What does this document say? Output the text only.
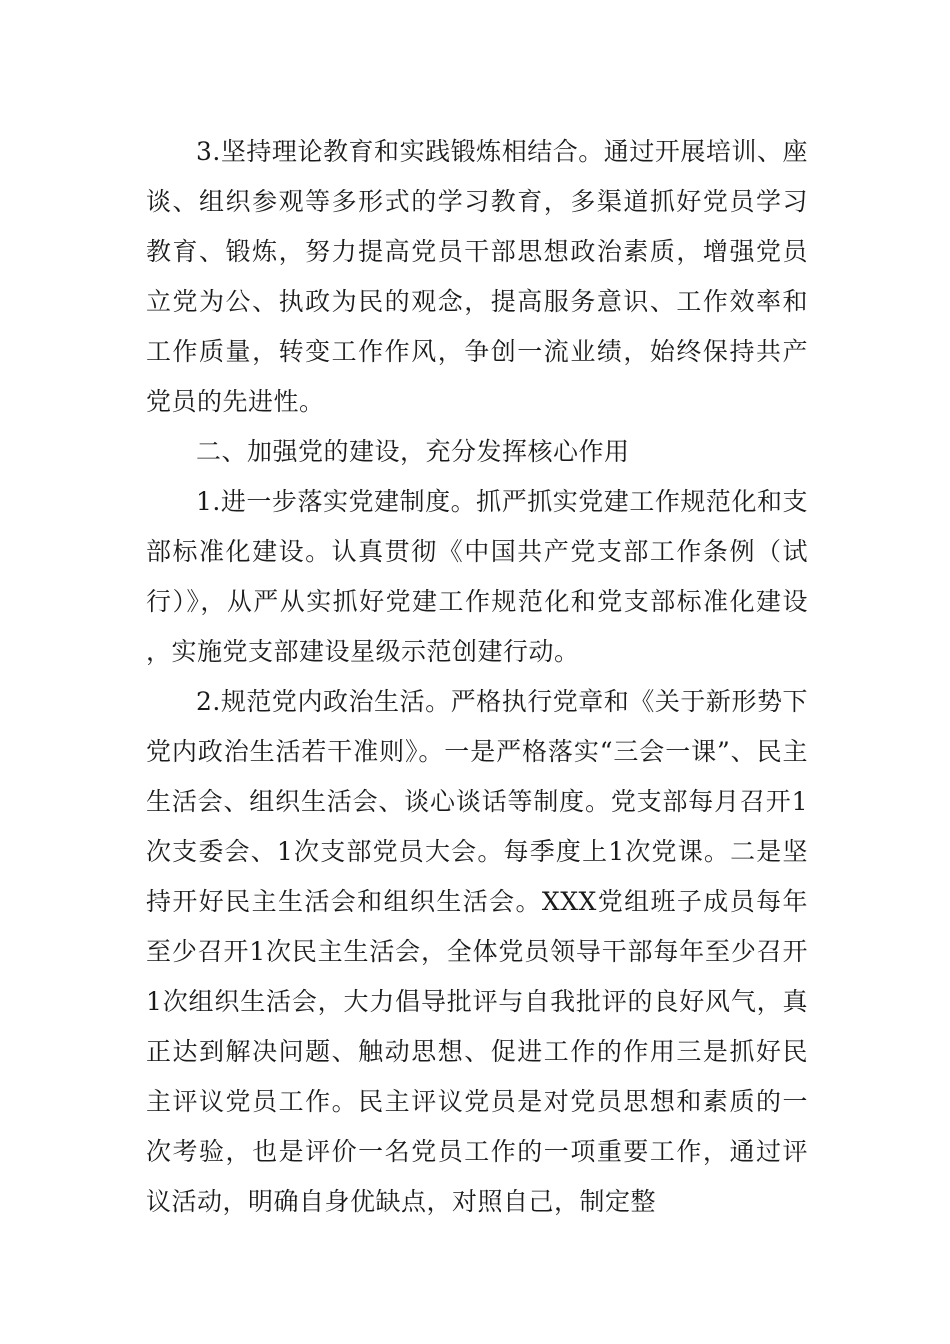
3.坚持理论教育和实践锻炼相结合。通过开展培训、座谈、组织参观等多形式的学习教育，多渠道抓好党员学习教育、锻炼，努力提高党员干部思想政治素质，增强党员立党为公、执政为民的观念，提高服务意识、工作效率和工作质量，转变工作作风，争创一流业绩，始终保持共产党员的先进性。

二、加强党的建设，充分发挥核心作用

1.进一步落实党建制度。抓严抓实党建工作规范化和支部标准化建设。认真贯彻《中国共产党支部工作条例（试行）》，从严从实抓好党建工作规范化和党支部标准化建设，实施党支部建设星级示范创建行动。

2.规范党内政治生活。严格执行党章和《关于新形势下党内政治生活若干准则》。一是严格落实“三会一课”、民主生活会、组织生活会、谈心谈话等制度。党支部每月召开1次支委会、1次支部党员大会。每季度上1次党课。二是坚持开好民主生活会和组织生活会。XXX党组班子成员每年至少召开1次民主生活会，全体党员领导干部每年至少召开1次组织生活会，大力倡导批评与自我批评的良好风气，真正达到解决问题、触动思想、促进工作的作用三是抓好民主评议党员工作。民主评议党员是对党员思想和素质的一次考验，也是评价一名党员工作的一项重要工作，通过评议活动，明确自身优缺点，对照自己，制定整
